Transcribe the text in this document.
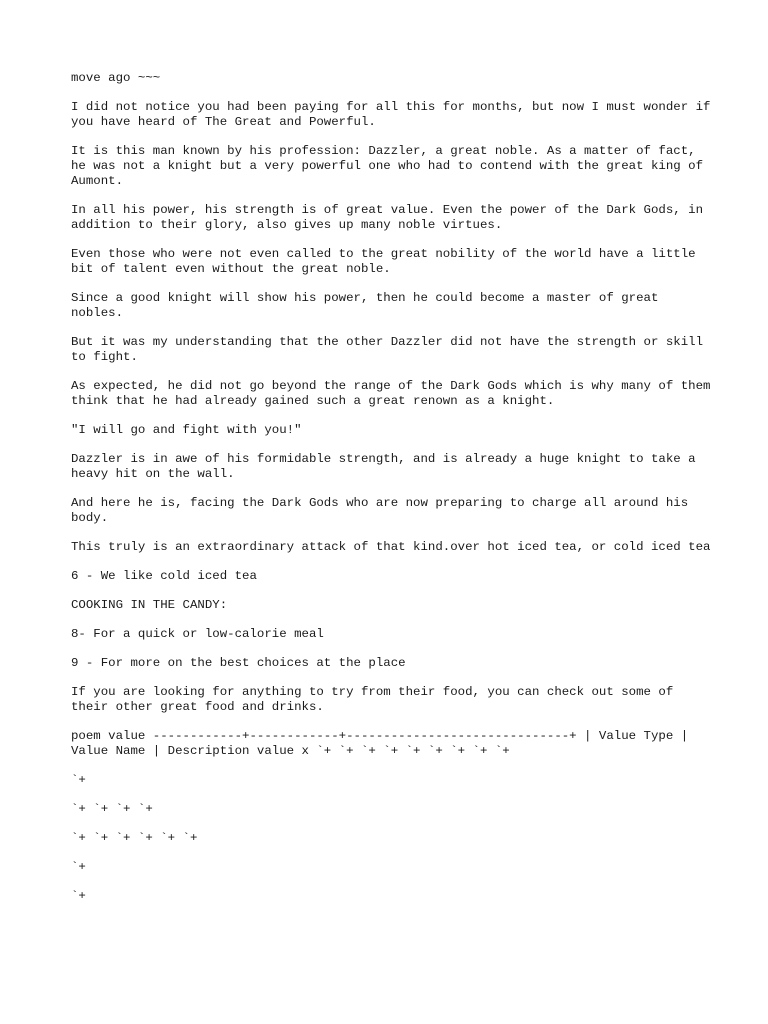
move ago ~~~

I did not notice you had been paying for all this for months, but now I must wonder if you have heard of The Great and Powerful.

It is this man known by his profession: Dazzler, a great noble. As a matter of fact, he was not a knight but a very powerful one who had to contend with the great king of Aumont.

In all his power, his strength is of great value. Even the power of the Dark Gods, in addition to their glory, also gives up many noble virtues.

Even those who were not even called to the great nobility of the world have a little bit of talent even without the great noble.

Since a good knight will show his power, then he could become a master of great nobles.

But it was my understanding that the other Dazzler did not have the strength or skill to fight.

As expected, he did not go beyond the range of the Dark Gods which is why many of them think that he had already gained such a great renown as a knight.

"I will go and fight with you!"

Dazzler is in awe of his formidable strength, and is already a huge knight to take a heavy hit on the wall.

And here he is, facing the Dark Gods who are now preparing to charge all around his body.

This truly is an extraordinary attack of that kind.over hot iced tea, or cold iced tea

6 - We like cold iced tea

COOKING IN THE CANDY:

8- For a quick or low-calorie meal

9 - For more on the best choices at the place

If you are looking for anything to try from their food, you can check out some of their other great food and drinks.

poem value ------------+------------+------------------------------+ | Value Type | Value Name | Description value x `+ `+ `+ `+ `+ `+ `+ `+ `+

`+

`+ `+ `+ `+

`+ `+ `+ `+ `+ `+

`+

`+
